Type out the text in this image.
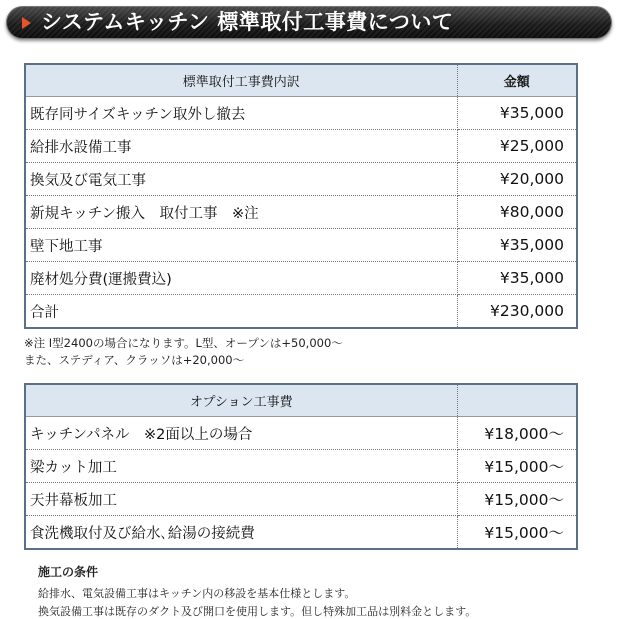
システムキッチン 標準取付工事費について
標準取付工事費内訳	金額
既存同サイズキッチン取外し撤去	¥35,000
給排水設備工事	¥25,000
換気及び電気工事	¥20,000
新規キッチン搬入　取付工事　※注	¥80,000
壁下地工事	¥35,000
廃材処分費(運搬費込)	¥35,000
合計	¥230,000
※注 I型2400の場合になります。L型、オープンは+50,000～
また、ステディア、クラッソは+20,000～
オプション工事費	
キッチンパネル　※2面以上の場合	¥18,000～
梁カット加工	¥15,000～
天井幕板加工	¥15,000～
食洗機取付及び給水､給湯の接続費	¥15,000～
施工の条件
給排水、電気設備工事はキッチン内の移設を基本仕様とします。
換気設備工事は既存のダクト及び開口を使用します。但し特殊加工品は別料金とします。
